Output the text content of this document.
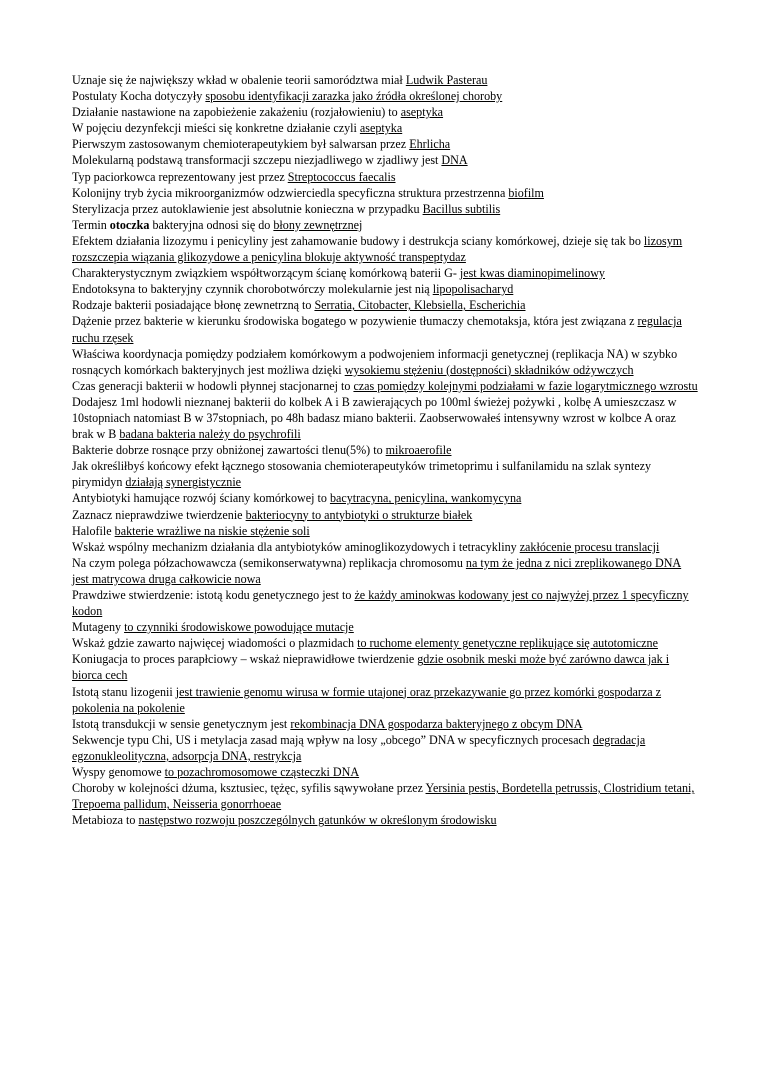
Uznaje się że największy wkład w obalenie teorii samorództwa miał Ludwik Pasterau

Postulaty Kocha dotyczyły sposobu identyfikacji zarazka jako źródła określonej choroby

Działanie nastawione na zapobieżenie zakażeniu (rozjałowieniu) to aseptyka

W pojęciu dezynfekcji mieści się konkretne działanie czyli aseptyka

Pierwszym zastosowanym chemioterapeutykiem był salwarsan przez Ehrlicha

Molekularną podstawą transformacji szczepu niezjadliwego w zjadliwy jest DNA

Typ paciorkowca reprezentowany jest przez Streptococcus faecalis

Kolonijny tryb życia mikroorganizmów odzwierciedla specyficzna struktura przestrzenna biofilm

Sterylizacja przez autoklawienie jest absolutnie konieczna w przypadku Bacillus subtilis

Termin otoczka bakteryjna odnosi się do błony zewnętrznej

Efektem działania lizozymu i penicyliny jest zahamowanie budowy i destrukcja sciany komórkowej, dzieje się tak bo lizosym rozszczepia wiązania glikozydowe a penicylina blokuje aktywność transpeptydaz

Charakterystycznym związkiem współtworzącym ścianę komórkową baterii G- jest kwas diaminopimelinowy

Endotoksyna to bakteryjny czynnik chorobotwórczy molekularnie jest nią lipopolisacharyd

Rodzaje bakterii posiadające błonę zewnetrzną to Serratia, Citobacter, Klebsiella, Escherichia

Dążenie przez bakterie w kierunku środowiska bogatego w pozywienie tłumaczy chemotaksja, która jest związana z regulacja ruchu rzęsek

Właściwa koordynacja pomiędzy podziałem komórkowym a podwojeniem informacji genetycznej (replikacja NA) w szybko rosnących komórkach bakteryjnych jest możliwa dzięki wysokiemu stężeniu (dostępności) składników odżywczych

Czas generacji bakterii w hodowli płynnej stacjonarnej to czas pomiędzy kolejnymi podziałami w fazie logarytmicznego wzrostu

Dodajesz 1ml hodowli nieznanej bakterii do kolbek A i B zawierających po 100ml świeżej pożywki , kolbę A umieszczasz w 10stopniach natomiast B w 37stopniach, po 48h badasz miano bakterii. Zaobserwowałeś intensywny wzrost w kolbce A oraz brak w B badana bakteria należy do psychrofili

Bakterie dobrze rosnące przy obniżonej zawartości tlenu(5%) to mikroaerofile

Jak określiłbyś końcowy efekt łącznego stosowania chemioterapeutyków trimetoprimu i sulfanilamidu na szlak syntezy pirymidyn działają synergistycznie

Antybiotyki hamujące rozwój ściany komórkowej to bacytracyna, penicylina, wankomycyna

Zaznacz nieprawdziwe twierdzenie bakteriocyny to antybiotyki o strukturze białek

Halofile bakterie wrażliwe na niskie stężenie soli

Wskaż wspólny mechanizm działania dla antybiotyków aminoglikozydowych i tetracykliny zakłócenie procesu translacji

Na czym polega półzachowawcza (semikonserwatywna) replikacja chromosomu na tym że jedna z nici zreplikowanego DNA jest matrycowa druga całkowicie nowa

Prawdziwe stwierdzenie: istotą kodu genetycznego jest to że każdy aminokwas kodowany jest co najwyżej przez 1 specyficzny kodon

Mutageny to czynniki środowiskowe powodujące mutacje

Wskaż gdzie zawarto najwięcej wiadomości o plazmidach to ruchome elementy genetyczne replikujące się autotomiczne

Koniugacja to proces parapłciowy – wskaż nieprawidłowe twierdzenie gdzie osobnik meski może być zarówno dawca jak i biorca cech

Istotą stanu lizogenii jest trawienie genomu wirusa w formie utajonej oraz przekazywanie go przez komórki gospodarza z pokolenia na pokolenie

Istotą transdukcji w sensie genetycznym jest rekombinacja DNA gospodarza bakteryjnego z obcym DNA

Sekwencje typu Chi, US i metylacja zasad mają wpływ na losy „obcego” DNA w specyficznych procesach degradacja egzonukleolityczna, adsorpcja DNA, restrykcja

Wyspy genomowe to pozachromosomowe cząsteczki DNA

Choroby w kolejności dżuma, ksztusiec, tężęc, syfilis sąwywołane przez Yersinia pestis, Bordetella petrussis, Clostridium tetani, Trepoema pallidum, Neisseria gonorrhoeae

Metabioza to następstwo rozwoju poszczególnych gatunków w określonym środowisku
